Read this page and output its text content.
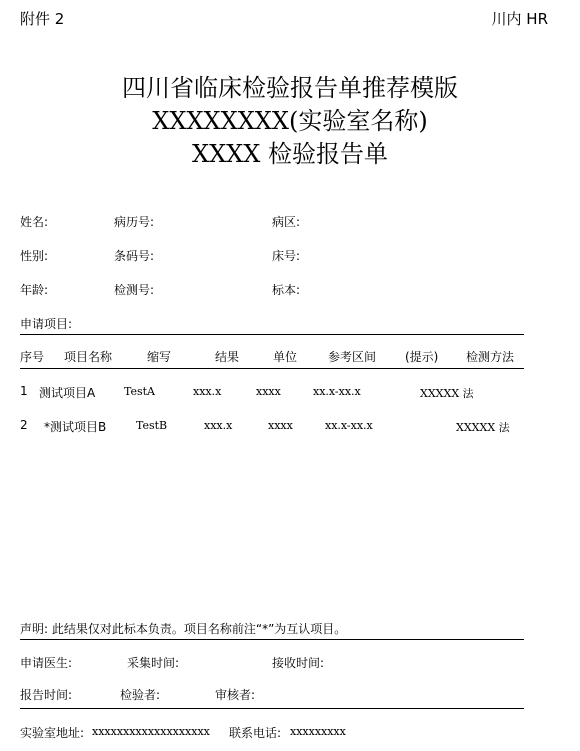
附件 2	川内 HR
四川省临床检验报告单推荐模版
XXXXXXXX(实验室名称)
XXXX 检验报告单
姓名:	病历号:	病区:
性别:	条码号:	床号:
年龄:	检测号:	标本:
申请项目:
序号 项目名称	缩写	结果	单位	参考区间 (提示) 检测方法
1 测试项目A	TestA	xxx.x	xxxx	xx.x-xx.x	XXXXX 法
2 *测试项目B	TestB	xxx.x	xxxx	xx.x-xx.x	XXXXX 法
声明: 此结果仅对此标本负责。项目名称前注“*”为互认项目。
申请医生:	采集时间:	接收时间:
报告时间:	检验者:	审核者:
实验室地址: xxxxxxxxxxxxxxxxxxx 联系电话: xxxxxxxxx
